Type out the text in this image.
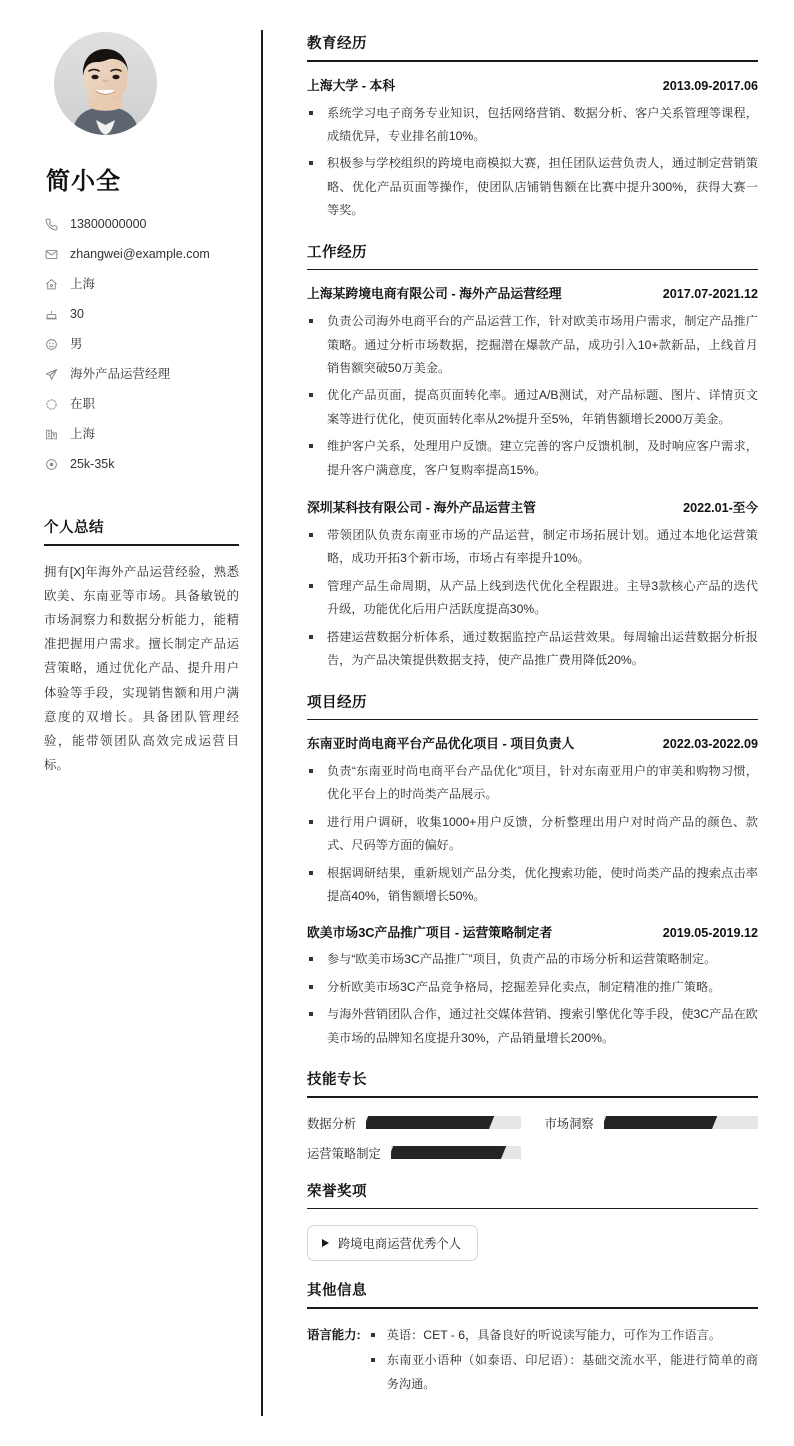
简小全
13800000000
zhangwei@example.com
上海
30
男
海外产品运营经理
在职
上海
25k-35k
个人总结

拥有[X]年海外产品运营经验，熟悉欧美、东南亚等市场。具备敏锐的市场洞察力和数据分析能力，能精准把握用户需求。擅长制定产品运营策略，通过优化产品、提升用户体验等手段，实现销售额和用户满意度的双增长。具备团队管理经验，能带领团队高效完成运营目标。

教育经历
上海大学 - 本科	2013.09-2017.06
系统学习电子商务专业知识，包括网络营销、数据分析、客户关系管理等课程，成绩优异，专业排名前10%。
积极参与学校组织的跨境电商模拟大赛，担任团队运营负责人，通过制定营销策略、优化产品页面等操作，使团队店铺销售额在比赛中提升300%，获得大赛一等奖。
工作经历
上海某跨境电商有限公司 - 海外产品运营经理	2017.07-2021.12
负责公司海外电商平台的产品运营工作，针对欧美市场用户需求，制定产品推广策略。通过分析市场数据，挖掘潜在爆款产品，成功引入10+款新品，上线首月销售额突破50万美金。
优化产品页面，提高页面转化率。通过A/B测试，对产品标题、图片、详情页文案等进行优化，使页面转化率从2%提升至5%，年销售额增长2000万美金。
维护客户关系，处理用户反馈。建立完善的客户反馈机制，及时响应客户需求，提升客户满意度，客户复购率提高15%。
深圳某科技有限公司 - 海外产品运营主管	2022.01-至今
带领团队负责东南亚市场的产品运营，制定市场拓展计划。通过本地化运营策略，成功开拓3个新市场，市场占有率提升10%。
管理产品生命周期，从产品上线到迭代优化全程跟进。主导3款核心产品的迭代升级，功能优化后用户活跃度提高30%。
搭建运营数据分析体系，通过数据监控产品运营效果。每周输出运营数据分析报告，为产品决策提供数据支持，使产品推广费用降低20%。
项目经历
东南亚时尚电商平台产品优化项目 - 项目负责人	2022.03-2022.09
负责“东南亚时尚电商平台产品优化”项目，针对东南亚用户的审美和购物习惯，优化平台上的时尚类产品展示。
进行用户调研，收集1000+用户反馈，分析整理出用户对时尚产品的颜色、款式、尺码等方面的偏好。
根据调研结果，重新规划产品分类，优化搜索功能，使时尚类产品的搜索点击率提高40%，销售额增长50%。
欧美市场3C产品推广项目 - 运营策略制定者	2019.05-2019.12
参与“欧美市场3C产品推广”项目，负责产品的市场分析和运营策略制定。
分析欧美市场3C产品竞争格局，挖掘差异化卖点，制定精准的推广策略。
与海外营销团队合作，通过社交媒体营销、搜索引擎优化等手段，使3C产品在欧美市场的品牌知名度提升30%，产品销量增长200%。
技能专长
数据分析	市场洞察
运营策略制定
荣誉奖项
跨境电商运营优秀个人
其他信息
语言能力:	英语：CET - 6，具备良好的听说读写能力，可作为工作语言。
东南亚小语种（如泰语、印尼语）：基础交流水平，能进行简单的商务沟通。
